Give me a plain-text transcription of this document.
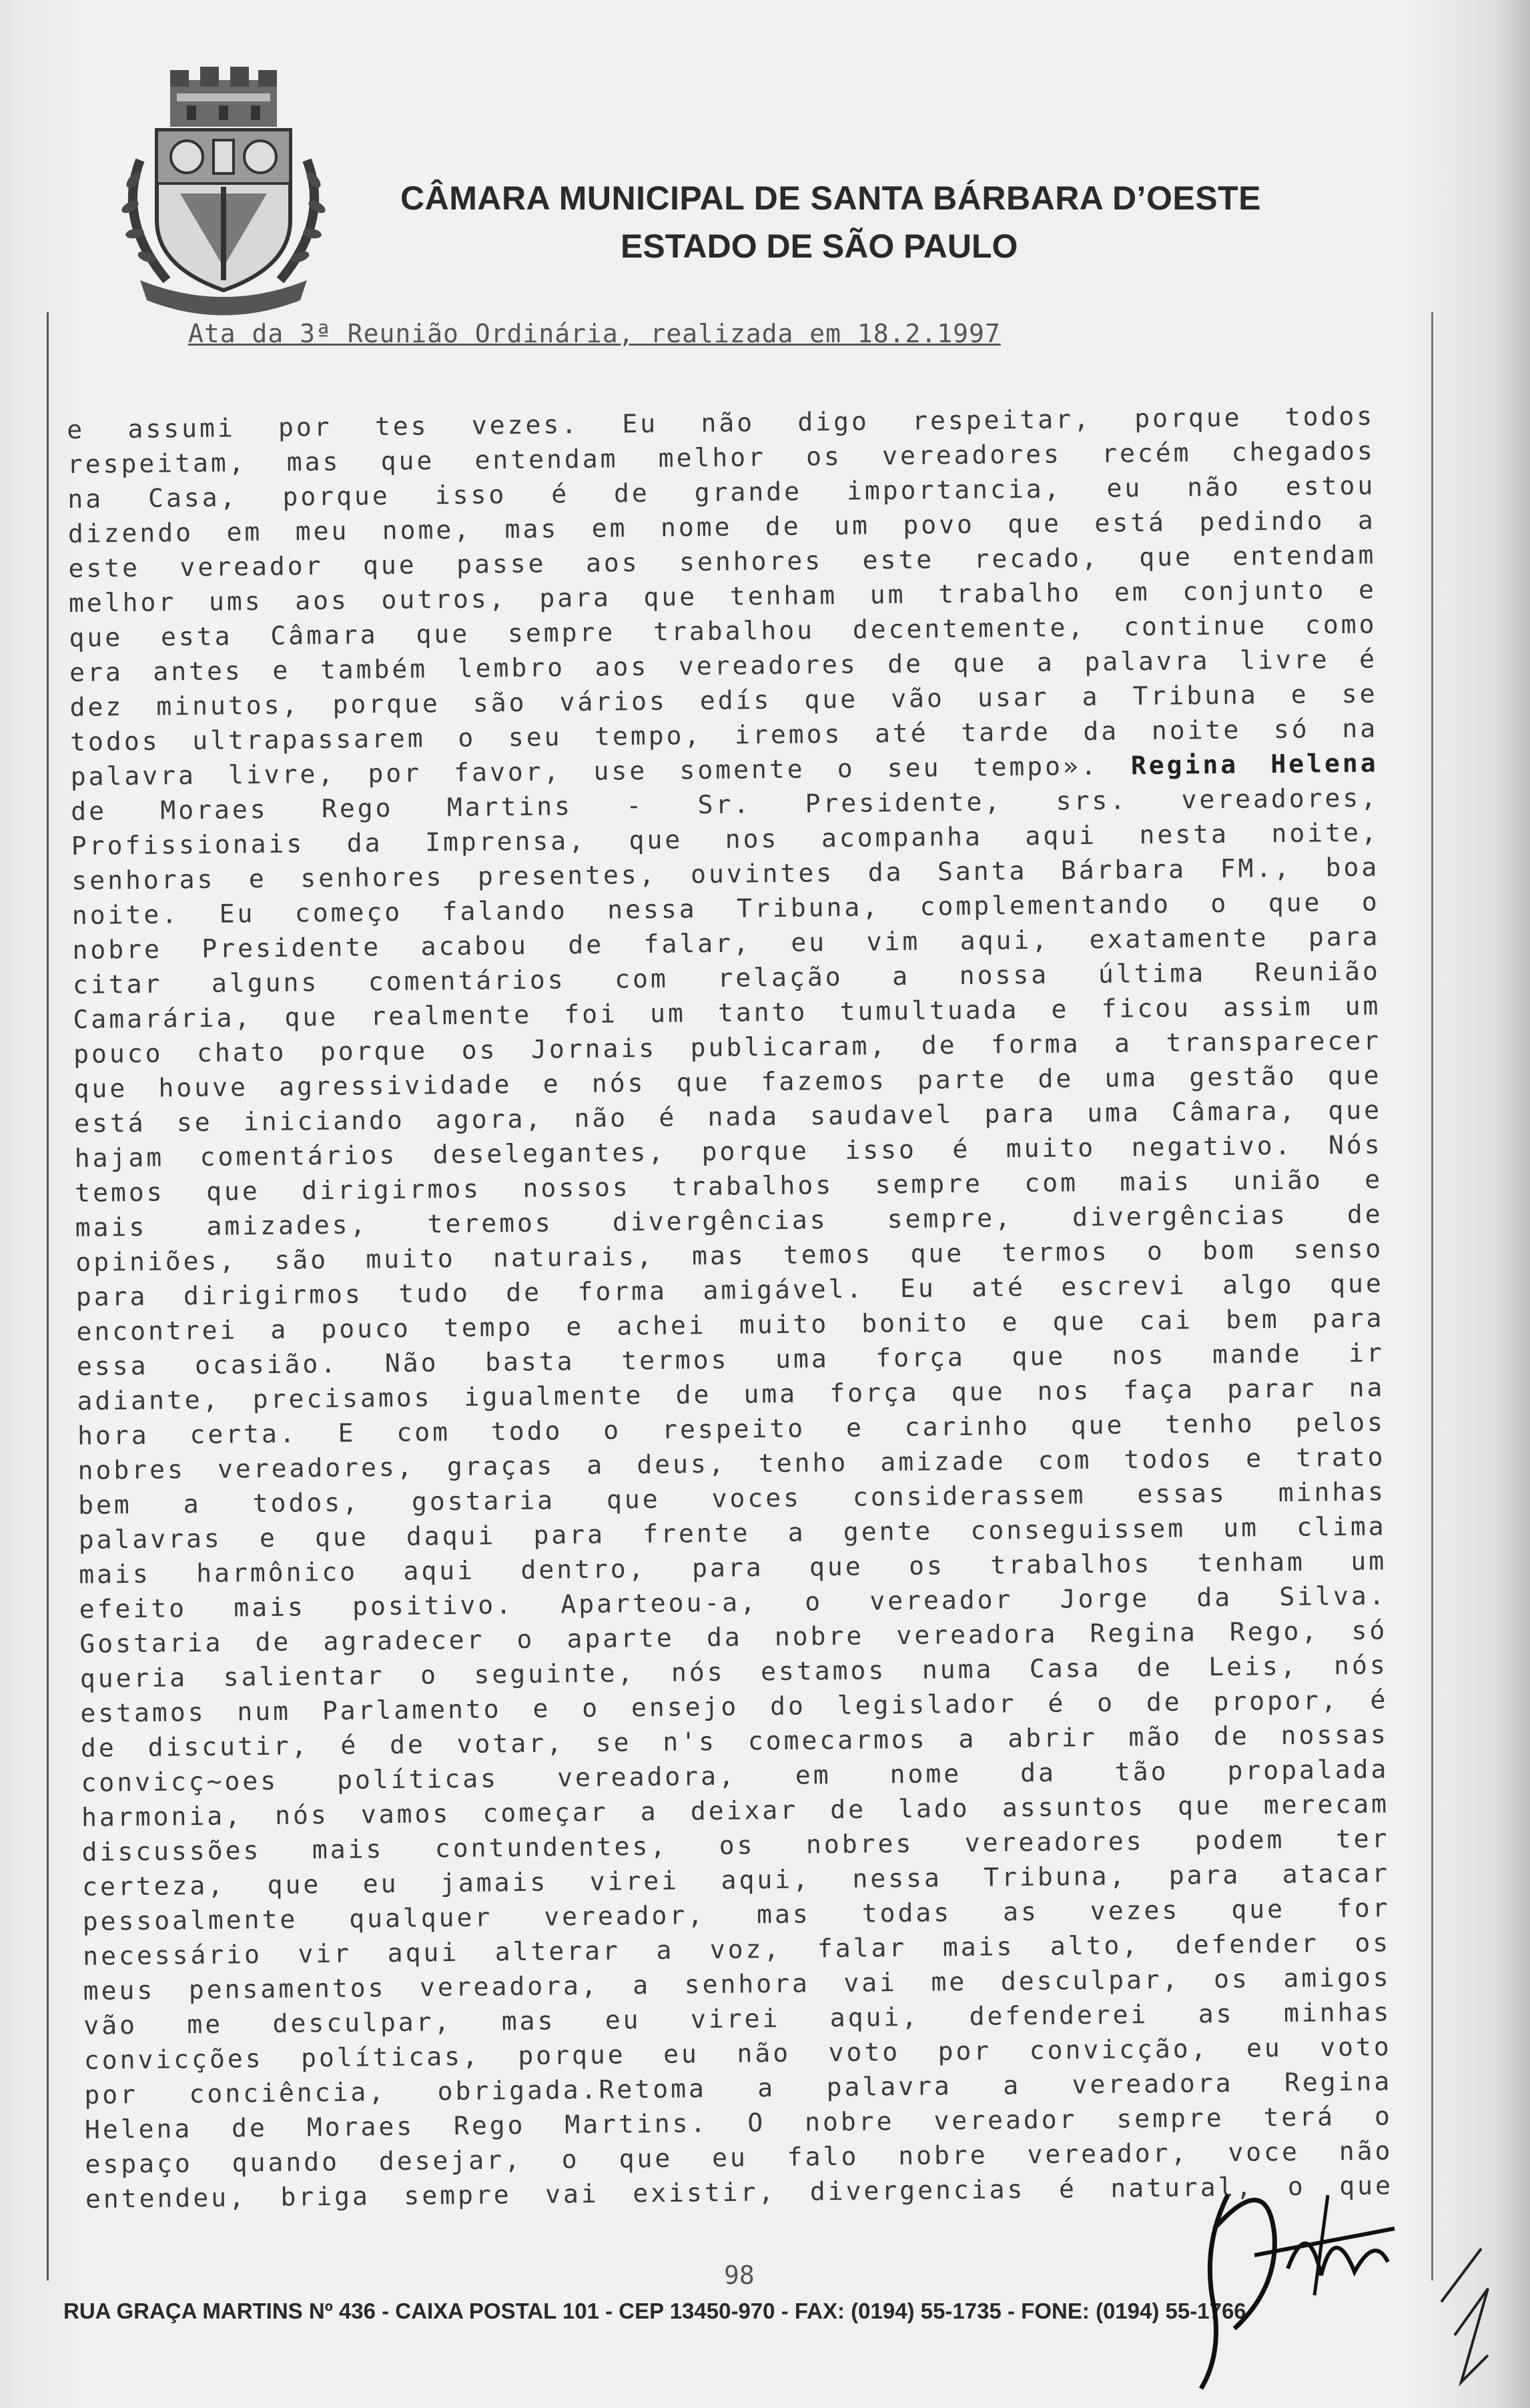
CÂMARA MUNICIPAL DE SANTA BÁRBARA D’OESTE
ESTADO DE SÃO PAULO
Ata da 3ª Reunião Ordinária, realizada em 18.2.1997
e assumi por tes vezes. Eu não digo respeitar, porque todos
respeitam, mas que entendam melhor os vereadores recém chegados
na Casa, porque isso é de grande importancia, eu não estou
dizendo em meu nome, mas em nome de um povo que está pedindo a
este vereador que passe aos senhores este recado, que entendam
melhor ums aos outros, para que tenham um trabalho em conjunto e
que esta Câmara que sempre trabalhou decentemente, continue como
era antes e também lembro aos vereadores de que a palavra livre é
dez minutos, porque são vários edís que vão usar a Tribuna e se
todos ultrapassarem o seu tempo, iremos até tarde da noite só na
palavra livre, por favor, use somente o seu tempo». Regina Helena
de Moraes Rego Martins - Sr. Presidente, srs. vereadores,
Profissionais da Imprensa, que nos acompanha aqui nesta noite,
senhoras e senhores presentes, ouvintes da Santa Bárbara FM., boa
noite. Eu começo falando nessa Tribuna, complementando o que o
nobre Presidente acabou de falar, eu vim aqui, exatamente para
citar alguns comentários com relação a nossa última Reunião
Camarária, que realmente foi um tanto tumultuada e ficou assim um
pouco chato porque os Jornais publicaram, de forma a transparecer
que houve agressividade e nós que fazemos parte de uma gestão que
está se iniciando agora, não é nada saudavel para uma Câmara, que
hajam comentários deselegantes, porque isso é muito negativo. Nós
temos que dirigirmos nossos trabalhos sempre com mais união e
mais amizades, teremos divergências sempre, divergências de
opiniões, são muito naturais, mas temos que termos o bom senso
para dirigirmos tudo de forma amigável. Eu até escrevi algo que
encontrei a pouco tempo e achei muito bonito e que cai bem para
essa ocasião. Não basta termos uma força que nos mande ir
adiante, precisamos igualmente de uma força que nos faça parar na
hora certa. E com todo o respeito e carinho que tenho pelos
nobres vereadores, graças a deus, tenho amizade com todos e trato
bem a todos, gostaria que voces considerassem essas minhas
palavras e que daqui para frente a gente conseguissem um clima
mais harmônico aqui dentro, para que os trabalhos tenham um
efeito mais positivo. Aparteou-a, o vereador Jorge da Silva.
Gostaria de agradecer o aparte da nobre vereadora Regina Rego, só
queria salientar o seguinte, nós estamos numa Casa de Leis, nós
estamos num Parlamento e o ensejo do legislador é o de propor, é
de discutir, é de votar, se n's comecarmos a abrir mão de nossas
convicç~oes políticas vereadora, em nome da tão propalada
harmonia, nós vamos começar a deixar de lado assuntos que merecam
discussões mais contundentes, os nobres vereadores podem ter
certeza, que eu jamais virei aqui, nessa Tribuna, para atacar
pessoalmente qualquer vereador, mas todas as vezes que for
necessário vir aqui alterar a voz, falar mais alto, defender os
meus pensamentos vereadora, a senhora vai me desculpar, os amigos
vão me desculpar, mas eu virei aqui, defenderei as minhas
convicções políticas, porque eu não voto por convicção, eu voto
por conciência, obrigada.Retoma a palavra a vereadora Regina
Helena de Moraes Rego Martins. O nobre vereador sempre terá o
espaço quando desejar, o que eu falo nobre vereador, voce não
entendeu, briga sempre vai existir, divergencias é natural, o que
98
RUA GRAÇA MARTINS Nº 436 - CAIXA POSTAL 101 - CEP 13450-970 - FAX: (0194) 55-1735 - FONE: (0194) 55-1766
